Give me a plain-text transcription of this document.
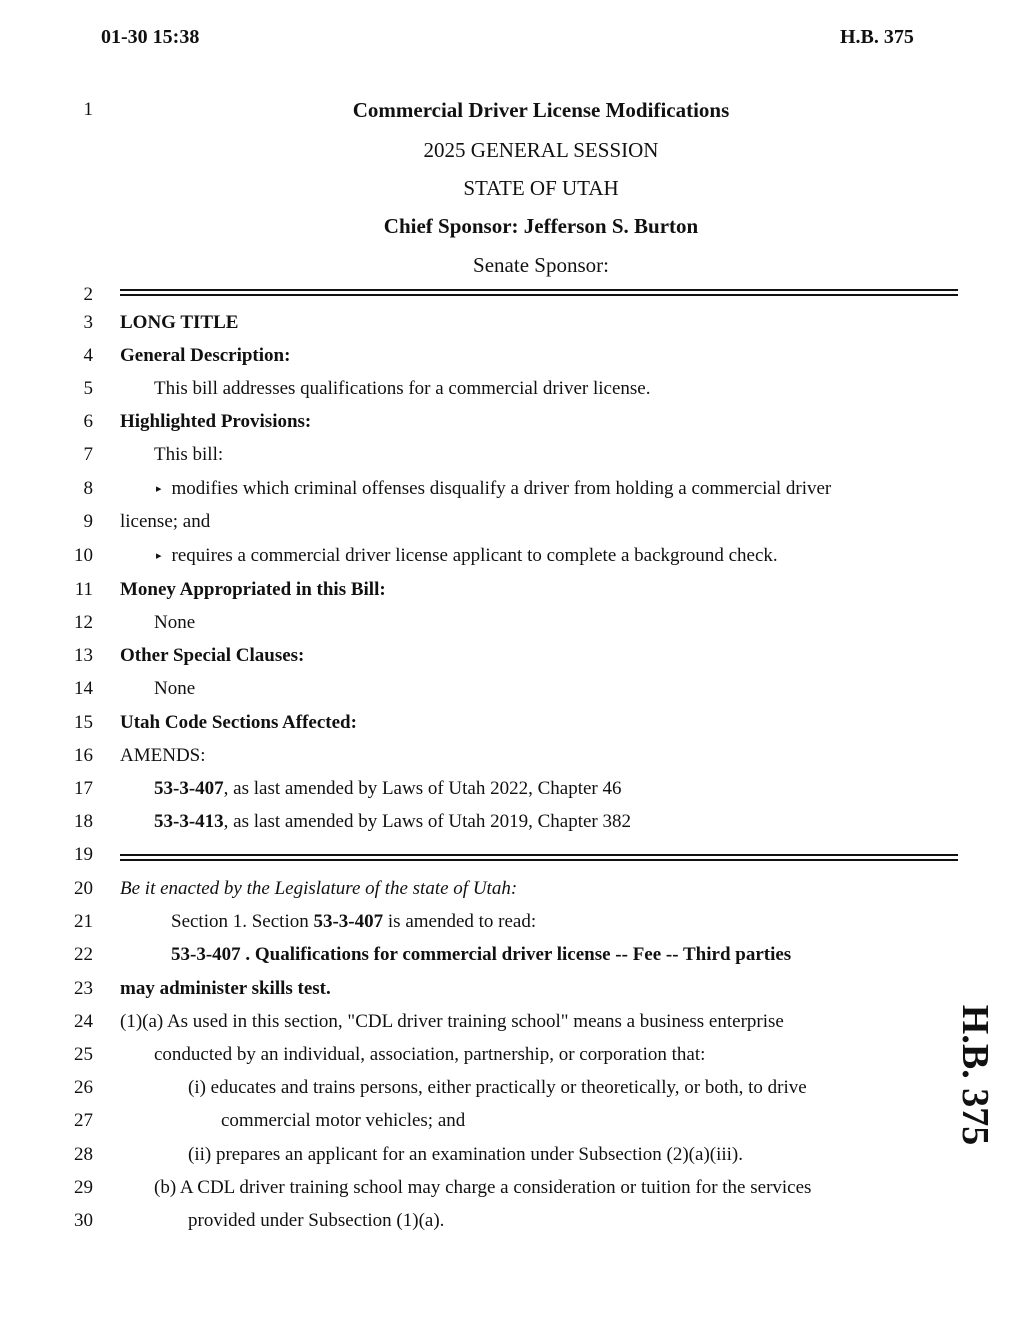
01-30 15:38	H.B. 375
H.B. 375
1	Commercial Driver License Modifications
2025 GENERAL SESSION
STATE OF UTAH
Chief Sponsor: Jefferson S. Burton
Senate Sponsor:
2
3 LONG TITLE
4 General Description:
5	This bill addresses qualifications for a commercial driver license.
6 Highlighted Provisions:
7	This bill:
8	▸ modifies which criminal offenses disqualify a driver from holding a commercial driver
9 license; and
10	▸ requires a commercial driver license applicant to complete a background check.
11 Money Appropriated in this Bill:
12	None
13 Other Special Clauses:
14	None
15 Utah Code Sections Affected:
16 AMENDS:
17	53-3-407, as last amended by Laws of Utah 2022, Chapter 46
18	53-3-413, as last amended by Laws of Utah 2019, Chapter 382
19
20 Be it enacted by the Legislature of the state of Utah:
21	Section 1. Section 53-3-407 is amended to read:
22	53-3-407 . Qualifications for commercial driver license -- Fee -- Third parties
23 may administer skills test.
24 (1)(a) As used in this section, "CDL driver training school" means a business enterprise
25	conducted by an individual, association, partnership, or corporation that:
26	(i) educates and trains persons, either practically or theoretically, or both, to drive
27	commercial motor vehicles; and
28	(ii) prepares an applicant for an examination under Subsection (2)(a)(iii).
29	(b) A CDL driver training school may charge a consideration or tuition for the services
30	provided under Subsection (1)(a).
